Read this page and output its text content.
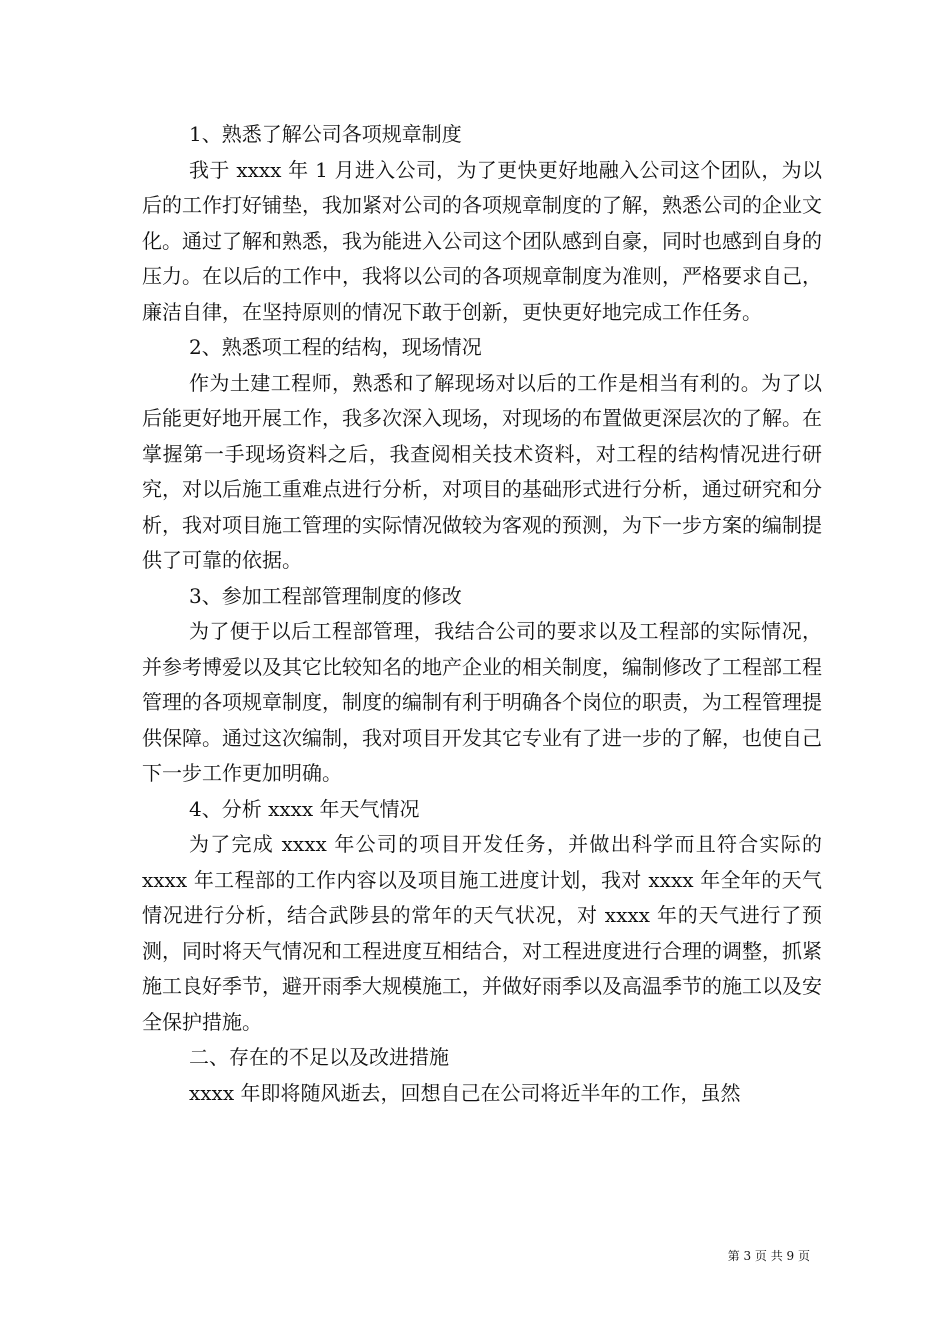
1、熟悉了解公司各项规章制度

我于 xxxx 年 1 月进入公司，为了更快更好地融入公司这个团队，为以后的工作打好铺垫，我加紧对公司的各项规章制度的了解，熟悉公司的企业文化。通过了解和熟悉，我为能进入公司这个团队感到自豪，同时也感到自身的压力。在以后的工作中，我将以公司的各项规章制度为准则，严格要求自己，廉洁自律，在坚持原则的情况下敢于创新，更快更好地完成工作任务。

2、熟悉项工程的结构，现场情况

作为土建工程师，熟悉和了解现场对以后的工作是相当有利的。为了以后能更好地开展工作，我多次深入现场，对现场的布置做更深层次的了解。在掌握第一手现场资料之后，我查阅相关技术资料，对工程的结构情况进行研究，对以后施工重难点进行分析，对项目的基础形式进行分析，通过研究和分析，我对项目施工管理的实际情况做较为客观的预测，为下一步方案的编制提供了可靠的依据。

3、参加工程部管理制度的修改

为了便于以后工程部管理，我结合公司的要求以及工程部的实际情况，并参考博爱以及其它比较知名的地产企业的相关制度，编制修改了工程部工程管理的各项规章制度，制度的编制有利于明确各个岗位的职责，为工程管理提供保障。通过这次编制，我对项目开发其它专业有了进一步的了解，也使自己下一步工作更加明确。

4、分析 xxxx 年天气情况

为了完成 xxxx 年公司的项目开发任务，并做出科学而且符合实际的 xxxx 年工程部的工作内容以及项目施工进度计划，我对 xxxx 年全年的天气情况进行分析，结合武陟县的常年的天气状况，对 xxxx 年的天气进行了预测，同时将天气情况和工程进度互相结合，对工程进度进行合理的调整，抓紧施工良好季节，避开雨季大规模施工，并做好雨季以及高温季节的施工以及安全保护措施。

二、存在的不足以及改进措施

xxxx 年即将随风逝去，回想自己在公司将近半年的工作，虽然

第 3 页 共 9 页
